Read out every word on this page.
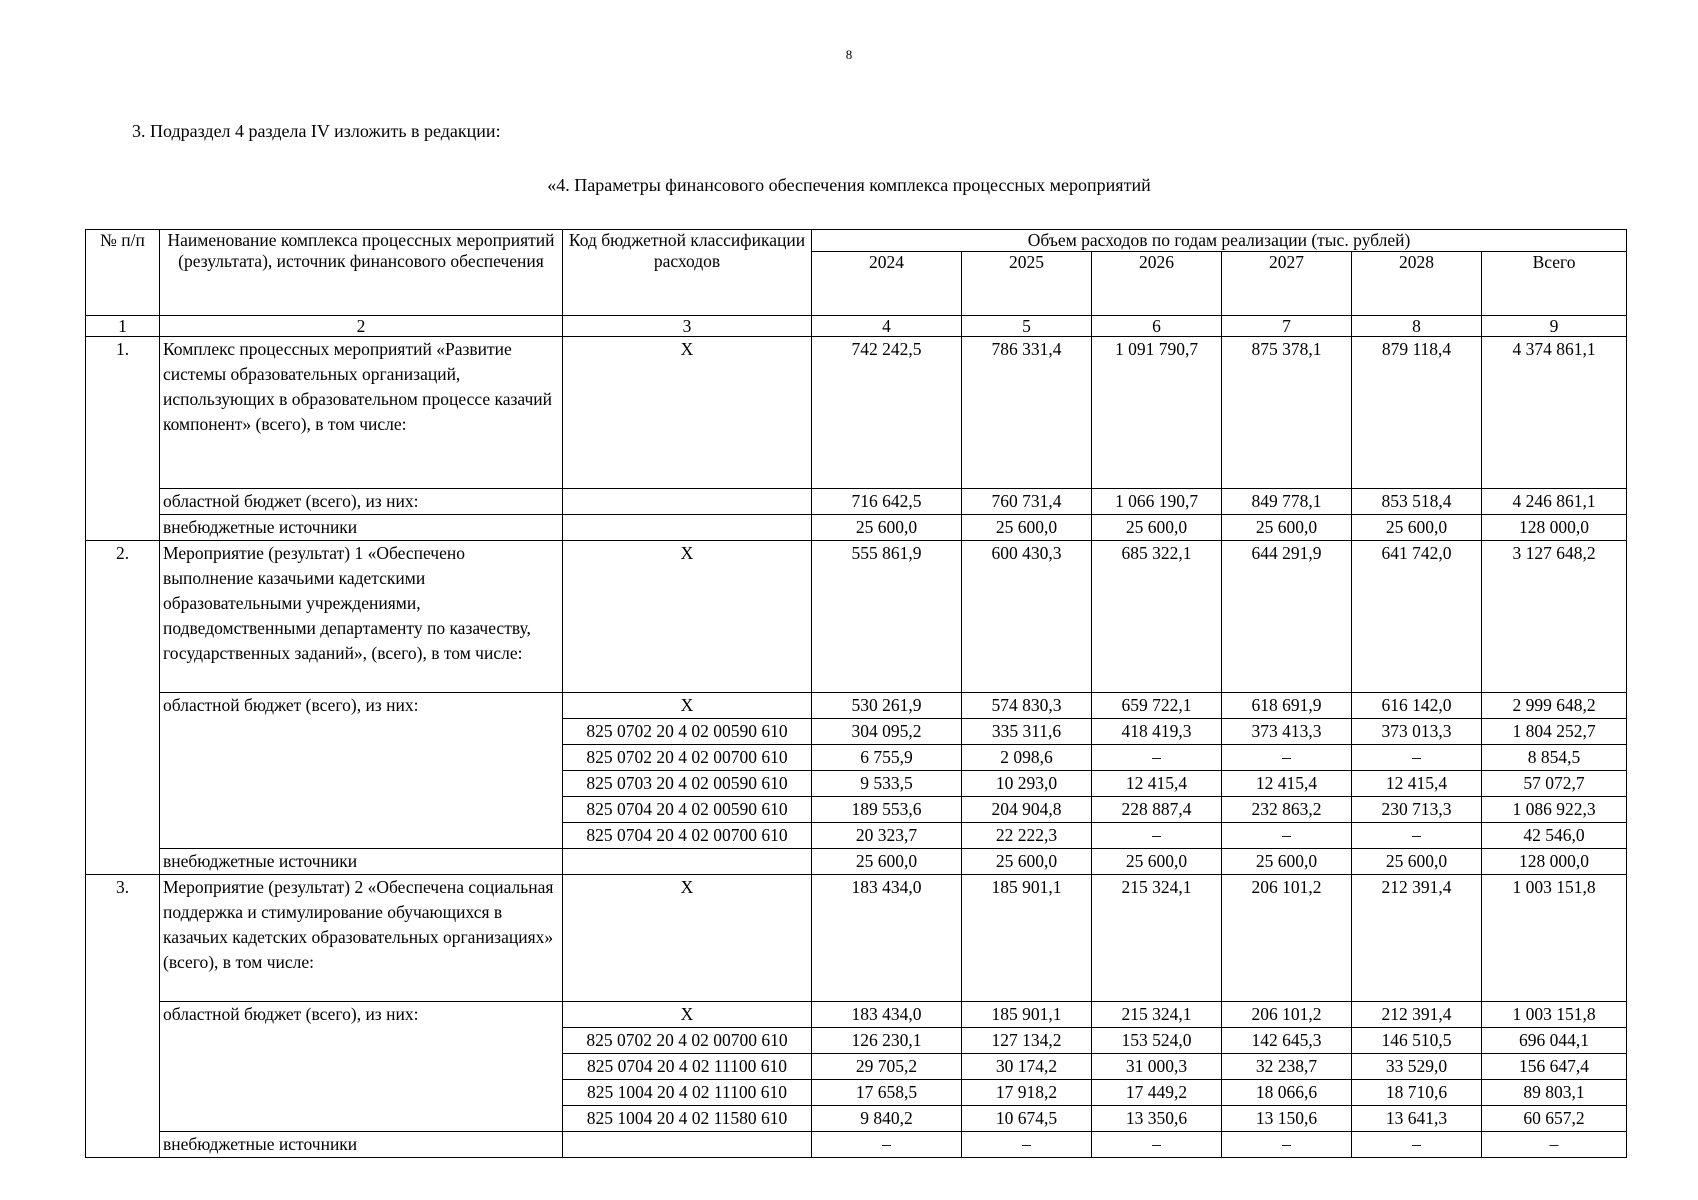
8
3. Подраздел 4 раздела IV изложить в редакции:
«4. Параметры финансового обеспечения комплекса процессных мероприятий
№ п/п	Наименование комплекса процессных мероприятий (результата), источник финансового обеспечения	Код бюджетной классификации расходов	Объем расходов по годам реализации (тыс. рублей)					
			2024	2025	2026	2027	2028	Всего
1	2	3	4	5	6	7	8	9
1.	Комплекс процессных мероприятий «Развитие системы образовательных организаций, использующих в образовательном процессе казачий компонент» (всего), в том числе:	Х	742 242,5	786 331,4	1 091 790,7	875 378,1	879 118,4	4 374 861,1
	областной бюджет (всего), из них:		716 642,5	760 731,4	1 066 190,7	849 778,1	853 518,4	4 246 861,1
	внебюджетные источники		25 600,0	25 600,0	25 600,0	25 600,0	25 600,0	128 000,0
2.	Мероприятие (результат) 1 «Обеспечено выполнение казачьими кадетскими образовательными учреждениями, подведомственными департаменту по казачеству, государственных заданий», (всего), в том числе:	Х	555 861,9	600 430,3	685 322,1	644 291,9	641 742,0	3 127 648,2
	областной бюджет (всего), из них:	Х	530 261,9	574 830,3	659 722,1	618 691,9	616 142,0	2 999 648,2
		825 0702 20 4 02 00590 610	304 095,2	335 311,6	418 419,3	373 413,3	373 013,3	1 804 252,7
		825 0702 20 4 02 00700 610	6 755,9	2 098,6	–	–	–	8 854,5
		825 0703 20 4 02 00590 610	9 533,5	10 293,0	12 415,4	12 415,4	12 415,4	57 072,7
		825 0704 20 4 02 00590 610	189 553,6	204 904,8	228 887,4	232 863,2	230 713,3	1 086 922,3
		825 0704 20 4 02 00700 610	20 323,7	22 222,3	–	–	–	42 546,0
	внебюджетные источники		25 600,0	25 600,0	25 600,0	25 600,0	25 600,0	128 000,0
3.	Мероприятие (результат) 2 «Обеспечена социальная поддержка и стимулирование обучающихся в казачьих кадетских образовательных организациях» (всего), в том числе:	Х	183 434,0	185 901,1	215 324,1	206 101,2	212 391,4	1 003 151,8
	областной бюджет (всего), из них:	Х	183 434,0	185 901,1	215 324,1	206 101,2	212 391,4	1 003 151,8
		825 0702 20 4 02 00700 610	126 230,1	127 134,2	153 524,0	142 645,3	146 510,5	696 044,1
		825 0704 20 4 02 11100 610	29 705,2	30 174,2	31 000,3	32 238,7	33 529,0	156 647,4
		825 1004 20 4 02 11100 610	17 658,5	17 918,2	17 449,2	18 066,6	18 710,6	89 803,1
		825 1004 20 4 02 11580 610	9 840,2	10 674,5	13 350,6	13 150,6	13 641,3	60 657,2
	внебюджетные источники		–	–	–	–	–	–
